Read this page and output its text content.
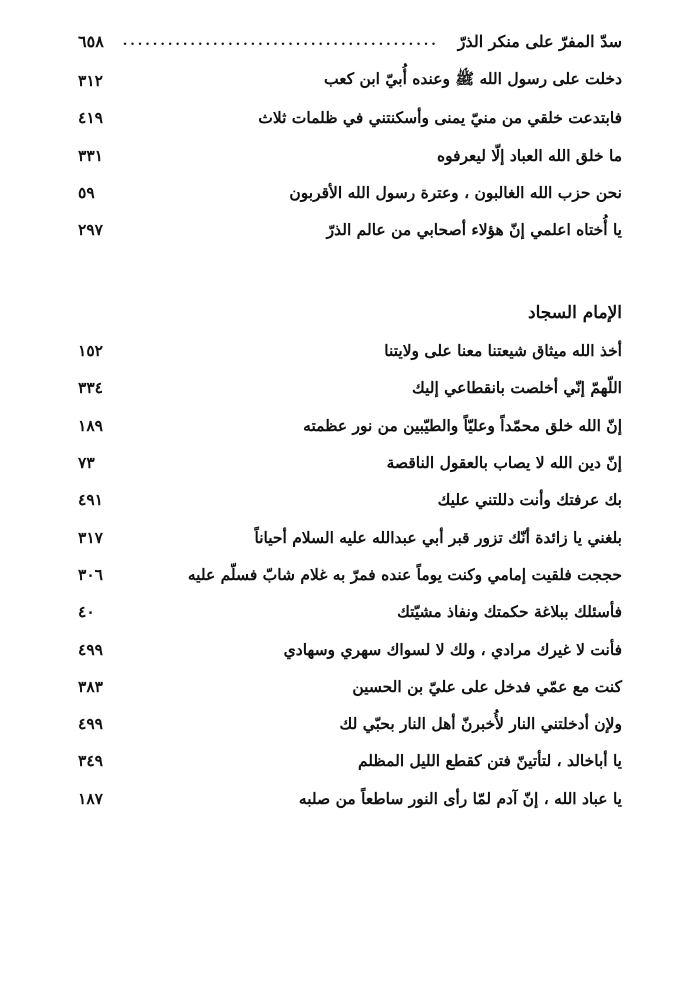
سدّ المفرّ على منكر الذرّ
..........................................
٦٥٨
دخلت على رسول الله ﷺ وعنده أُبيّ ابن كعب
٣١٢
فابتدعت خلقي من منيّ يمنى وأسكنتني في ظلمات ثلاث
٤١٩
ما خلق الله العباد إلّا ليعرفوه
٣٣١
نحن حزب الله الغالبون ، وعترة رسول الله الأقربون
٥٩
يا أُختاه اعلمي إنّ هؤلاء أصحابي من عالم الذرّ
٢٩٧
الإمام السجاد
أخذ الله ميثاق شيعتنا معنا على ولايتنا
١٥٢
اللّهمّ إنّي أخلصت بانقطاعي إليك
٣٣٤
إنّ الله خلق محمّداً وعليّاً والطيّبين من نور عظمته
١٨٩
إنّ دين الله لا يصاب بالعقول الناقصة
٧٣
بك عرفتك وأنت دللتني عليك
٤٩١
بلغني يا زائدة أنّك تزور قبر أبي عبدالله عليه السلام أحياناً
٣١٧
حججت فلقيت إمامي وكنت يوماً عنده فمرّ به غلام شابّ فسلّم عليه
٣٠٦
فأسئلك ببلاغة حكمتك ونفاذ مشيّتك
٤٠
فأنت لا غيرك مرادي ، ولك لا لسواك سهري وسهادي
٤٩٩
كنت مع عمّي فدخل على عليّ بن الحسين
٣٨٣
ولإن أدخلتني النار لأُخبرنّ أهل النار بحبّي لك
٤٩٩
يا أباخالد ، لتأتينّ فتن كقطع الليل المظلم
٣٤٩
يا عباد الله ، إنّ آدم لمّا رأى النور ساطعاً من صلبه
١٨٧
